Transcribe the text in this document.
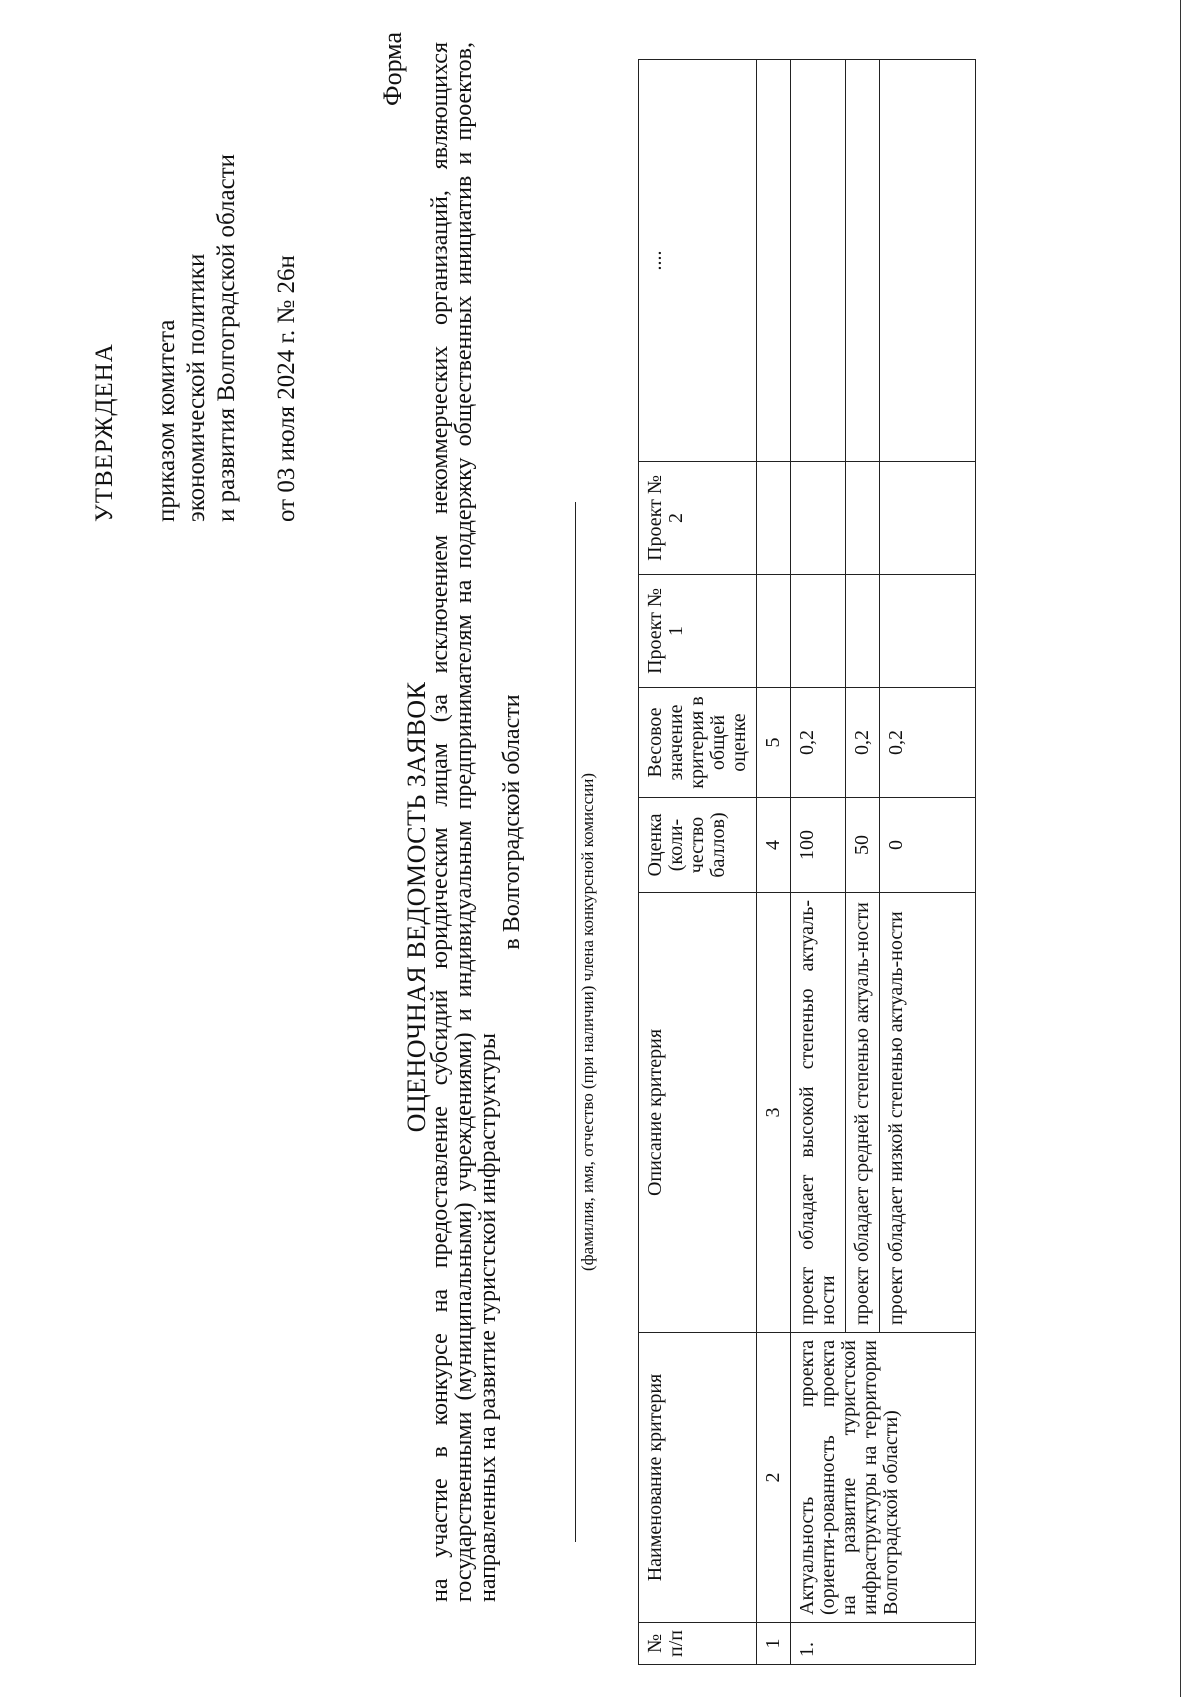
УТВЕРЖДЕНА приказом комитета экономической политики и развития Волгоградской области от 03 июля 2024 г. № 26н
Форма
ОЦЕНОЧНАЯ ВЕДОМОСТЬ ЗАЯВОК
на участие в конкурсе на предоставление субсидий юридическим лицам (за исключением некоммерческих организаций, являющихся государственными (муниципальными) учреждениями) и индивидуальным предпринимателям на поддержку общественных инициатив и проектов, направленных на развитие туристской инфраструктуры
в Волгоградской области	(фамилия, имя, отчество (при наличии) члена конкурсной комиссии)
№ п/п	Наименование критерия	Описание критерия	Оценка (коли-чество баллов)	Весовое значение критерия в общей оценке	Проект № 1	Проект № 2	....
1	2	3	4	5			
1.	Актуальность проекта (ориенти-рованность проекта на развитие туристской инфраструктуры на территории Волгоградской области)	проект обладает высокой степенью актуаль-ности	100	0,2			
		проект обладает средней степенью актуаль-ности	50	0,2			
		проект обладает низкой степенью актуаль-ности	0	0,2			
